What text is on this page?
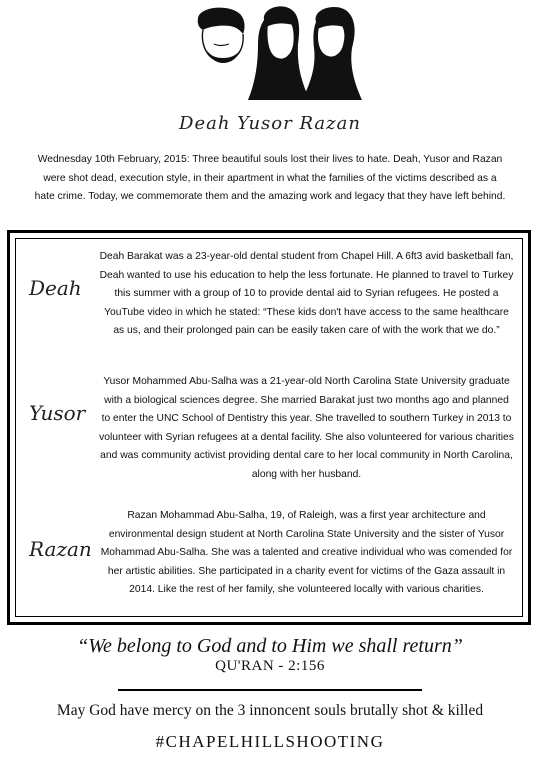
Deah Yusor Razan
Wednesday 10th February, 2015: Three beautiful souls lost their lives to hate. Deah, Yusor and Razan were shot dead, execution style, in their apartment in what the families of the victims described as a hate crime. Today, we commemorate them and the amazing work and legacy that they have left behind.
Deah
Deah Barakat was a 23-year-old dental student from Chapel Hill. A 6ft3 avid basketball fan, Deah wanted to use his education to help the less fortunate. He planned to travel to Turkey this summer with a group of 10 to provide dental aid to Syrian refugees. He posted a YouTube video in which he stated: “These kids don't have access to the same healthcare as us, and their prolonged pain can be easily taken care of with the work that we do.”
Yusor
Yusor Mohammed Abu-Salha was a 21-year-old North Carolina State University graduate with a biological sciences degree. She married Barakat just two months ago and planned to enter the UNC School of Dentistry this year. She travelled to southern Turkey in 2013 to volunteer with Syrian refugees at a dental facility. She also volunteered for various charities and was community activist providing dental care to her local community in North Carolina, along with her husband.
Razan
Razan Mohammad Abu-Salha, 19, of Raleigh, was a first year architecture and environmental design student at North Carolina State University and the sister of Yusor Mohammad Abu-Salha. She was a talented and creative individual who was comended for her artistic abilities. She participated in a charity event for victims of the Gaza assault in 2014. Like the rest of her family, she volunteered locally with various charities.
“We belong to God and to Him we shall return”
QU'RAN - 2:156
May God have mercy on the 3 innoncent souls brutally shot & killed
#CHAPELHILLSHOOTING
